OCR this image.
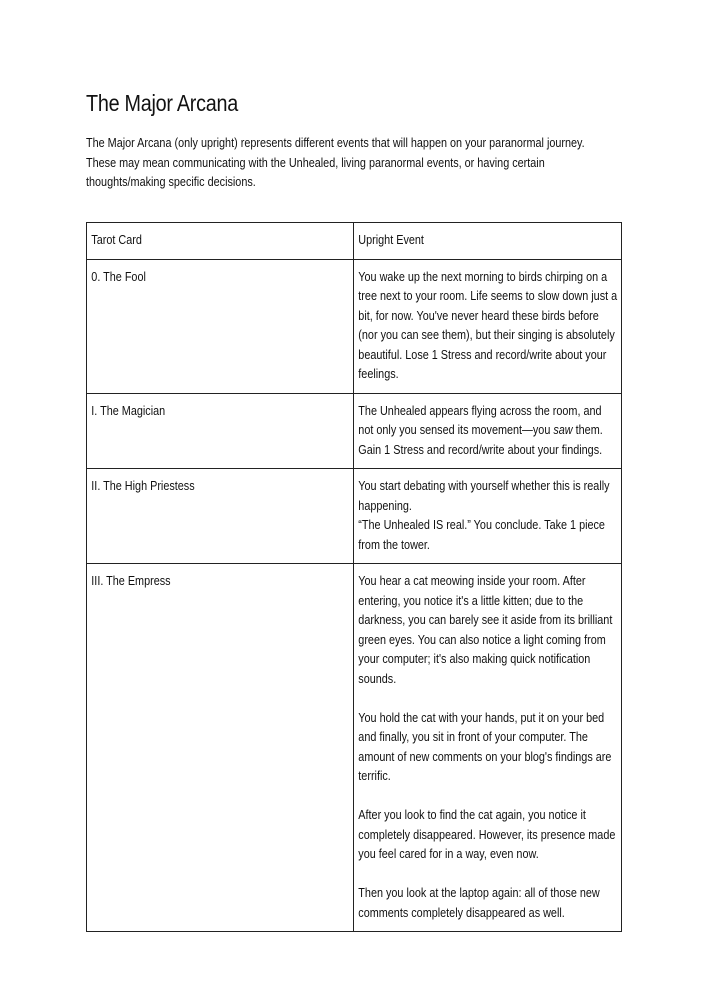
The Major Arcana

The Major Arcana (only upright) represents different events that will happen on your paranormal journey. These may mean communicating with the Unhealed, living paranormal events, or having certain thoughts/making specific decisions.

Tarot Card	Upright Event

0. The Fool	You wake up the next morning to birds chirping on a tree next to your room. Life seems to slow down just a bit, for now. You've never heard these birds before (nor you can see them), but their singing is absolutely beautiful. Lose 1 Stress and record/write about your feelings.

I. The Magician	The Unhealed appears flying across the room, and not only you sensed its movement—you saw them. Gain 1 Stress and record/write about your findings.

II. The High Priestess	You start debating with yourself whether this is really happening.

“The Unhealed IS real.” You conclude. Take 1 piece from the tower.

III. The Empress	You hear a cat meowing inside your room. After entering, you notice it's a little kitten; due to the darkness, you can barely see it aside from its brilliant green eyes. You can also notice a light coming from your computer; it's also making quick notification sounds.

You hold the cat with your hands, put it on your bed and finally, you sit in front of your computer. The amount of new comments on your blog's findings are terrific.

After you look to find the cat again, you notice it completely disappeared. However, its presence made you feel cared for in a way, even now.

Then you look at the laptop again: all of those new comments completely disappeared as well.
